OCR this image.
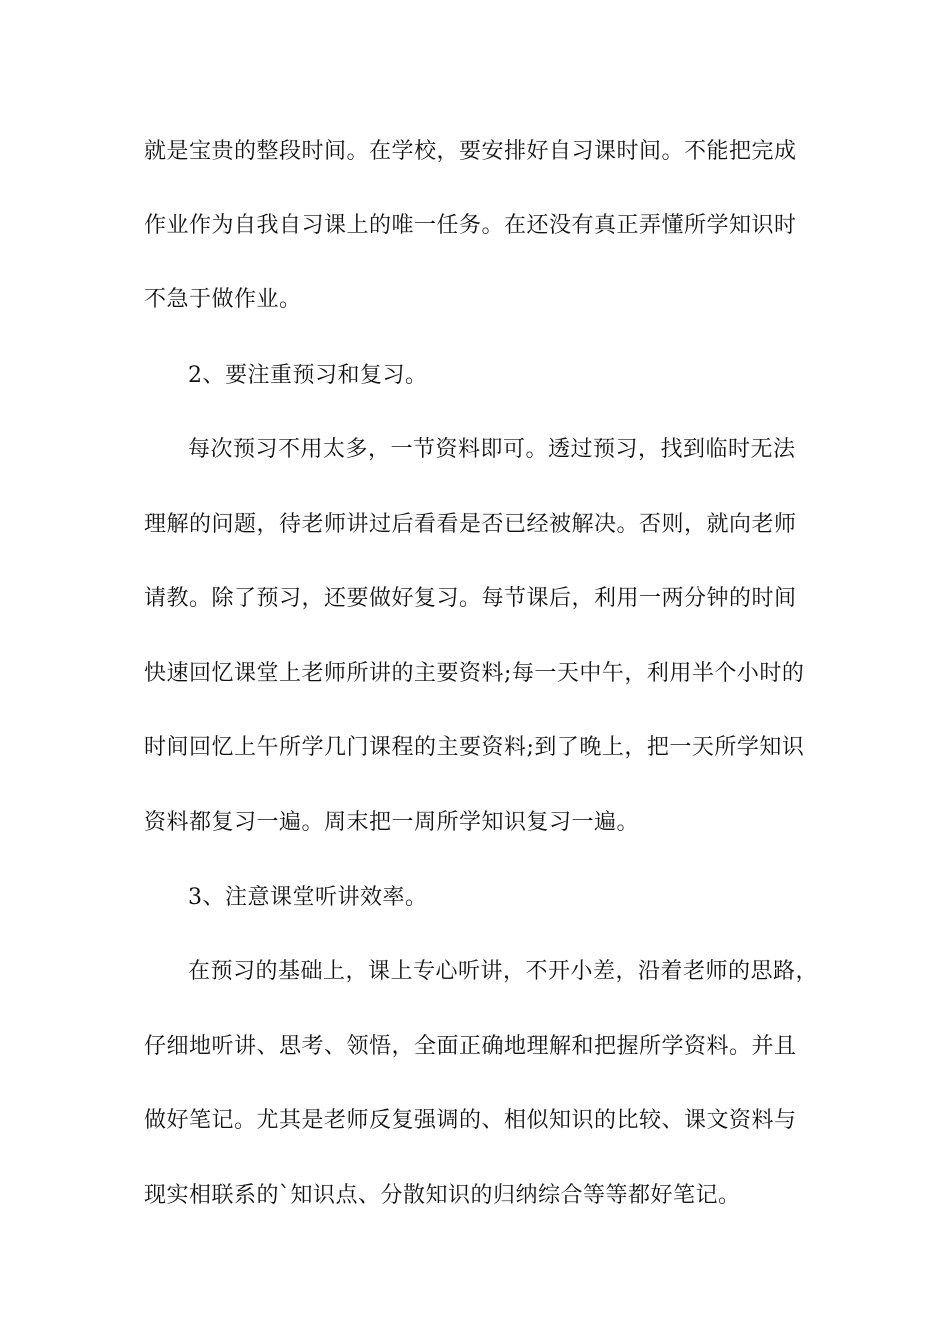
就是宝贵的整段时间。在学校，要安排好自习课时间。不能把完成
作业作为自我自习课上的唯一任务。在还没有真正弄懂所学知识时
不急于做作业。
2、要注重预习和复习。
每次预习不用太多，一节资料即可。透过预习，找到临时无法
理解的问题，待老师讲过后看看是否已经被解决。否则，就向老师
请教。除了预习，还要做好复习。每节课后，利用一两分钟的时间
快速回忆课堂上老师所讲的主要资料;每一天中午，利用半个小时的
时间回忆上午所学几门课程的主要资料;到了晚上，把一天所学知识
资料都复习一遍。周末把一周所学知识复习一遍。
3、注意课堂听讲效率。
在预习的基础上，课上专心听讲，不开小差，沿着老师的思路，
仔细地听讲、思考、领悟，全面正确地理解和把握所学资料。并且
做好笔记。尤其是老师反复强调的、相似知识的比较、课文资料与
现实相联系的`知识点、分散知识的归纳综合等等都好笔记。
